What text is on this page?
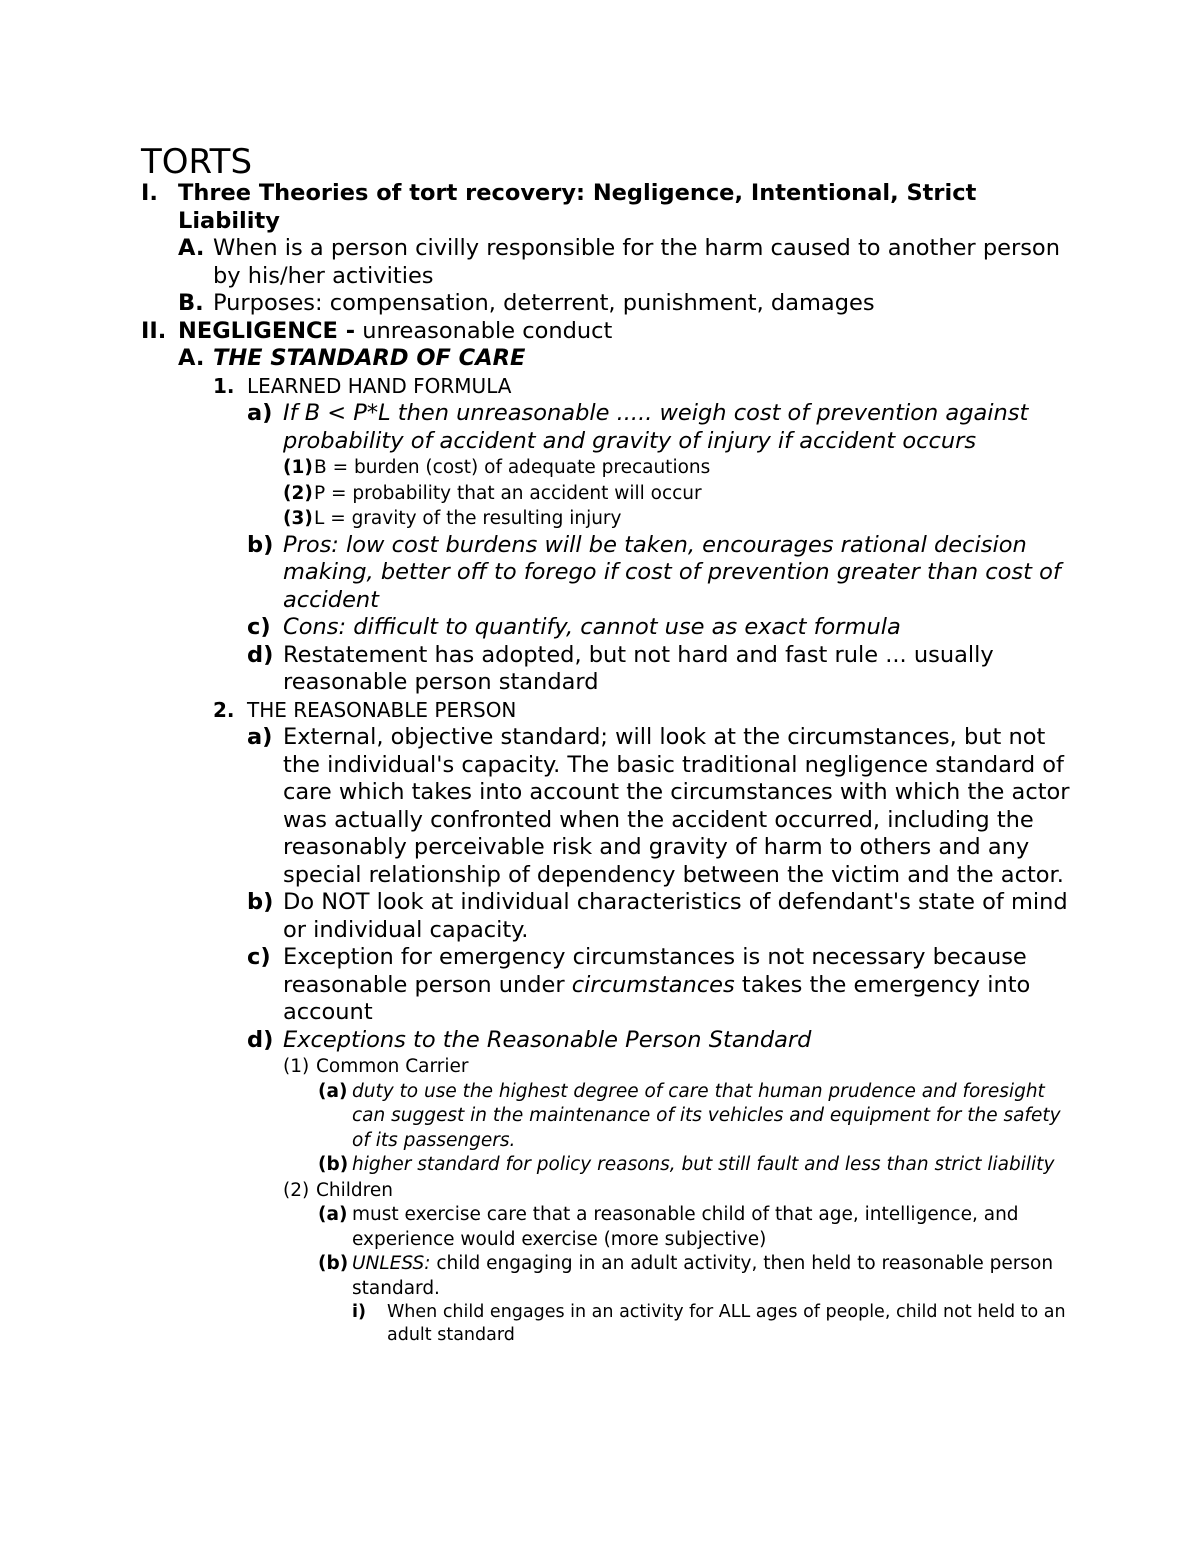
TORTS
I. Three Theories of tort recovery: Negligence, Intentional, Strict Liability
A. When is a person civilly responsible for the harm caused to another person by his/her activities
B. Purposes: compensation, deterrent, punishment, damages
II. NEGLIGENCE - unreasonable conduct
A. THE STANDARD OF CARE
1. LEARNED HAND FORMULA
a) If B < P*L then unreasonable ..... weigh cost of prevention against probability of accident and gravity of injury if accident occurs
(1) B = burden (cost) of adequate precautions
(2) P = probability that an accident will occur
(3) L = gravity of the resulting injury
b) Pros: low cost burdens will be taken, encourages rational decision making, better off to forego if cost of prevention greater than cost of accident
c) Cons: difficult to quantify, cannot use as exact formula
d) Restatement has adopted, but not hard and fast rule ... usually reasonable person standard
2. THE REASONABLE PERSON
a) External, objective standard; will look at the circumstances, but not the individual's capacity. The basic traditional negligence standard of care which takes into account the circumstances with which the actor was actually confronted when the accident occurred, including the reasonably perceivable risk and gravity of harm to others and any special relationship of dependency between the victim and the actor.
b) Do NOT look at individual characteristics of defendant's state of mind or individual capacity.
c) Exception for emergency circumstances is not necessary because reasonable person under circumstances takes the emergency into account
d) Exceptions to the Reasonable Person Standard
(1) Common Carrier
(a) duty to use the highest degree of care that human prudence and foresight can suggest in the maintenance of its vehicles and equipment for the safety of its passengers.
(b) higher standard for policy reasons, but still fault and less than strict liability
(2) Children
(a) must exercise care that a reasonable child of that age, intelligence, and experience would exercise (more subjective)
(b) UNLESS: child engaging in an adult activity, then held to reasonable person standard.
i) When child engages in an activity for ALL ages of people, child not held to an adult standard
